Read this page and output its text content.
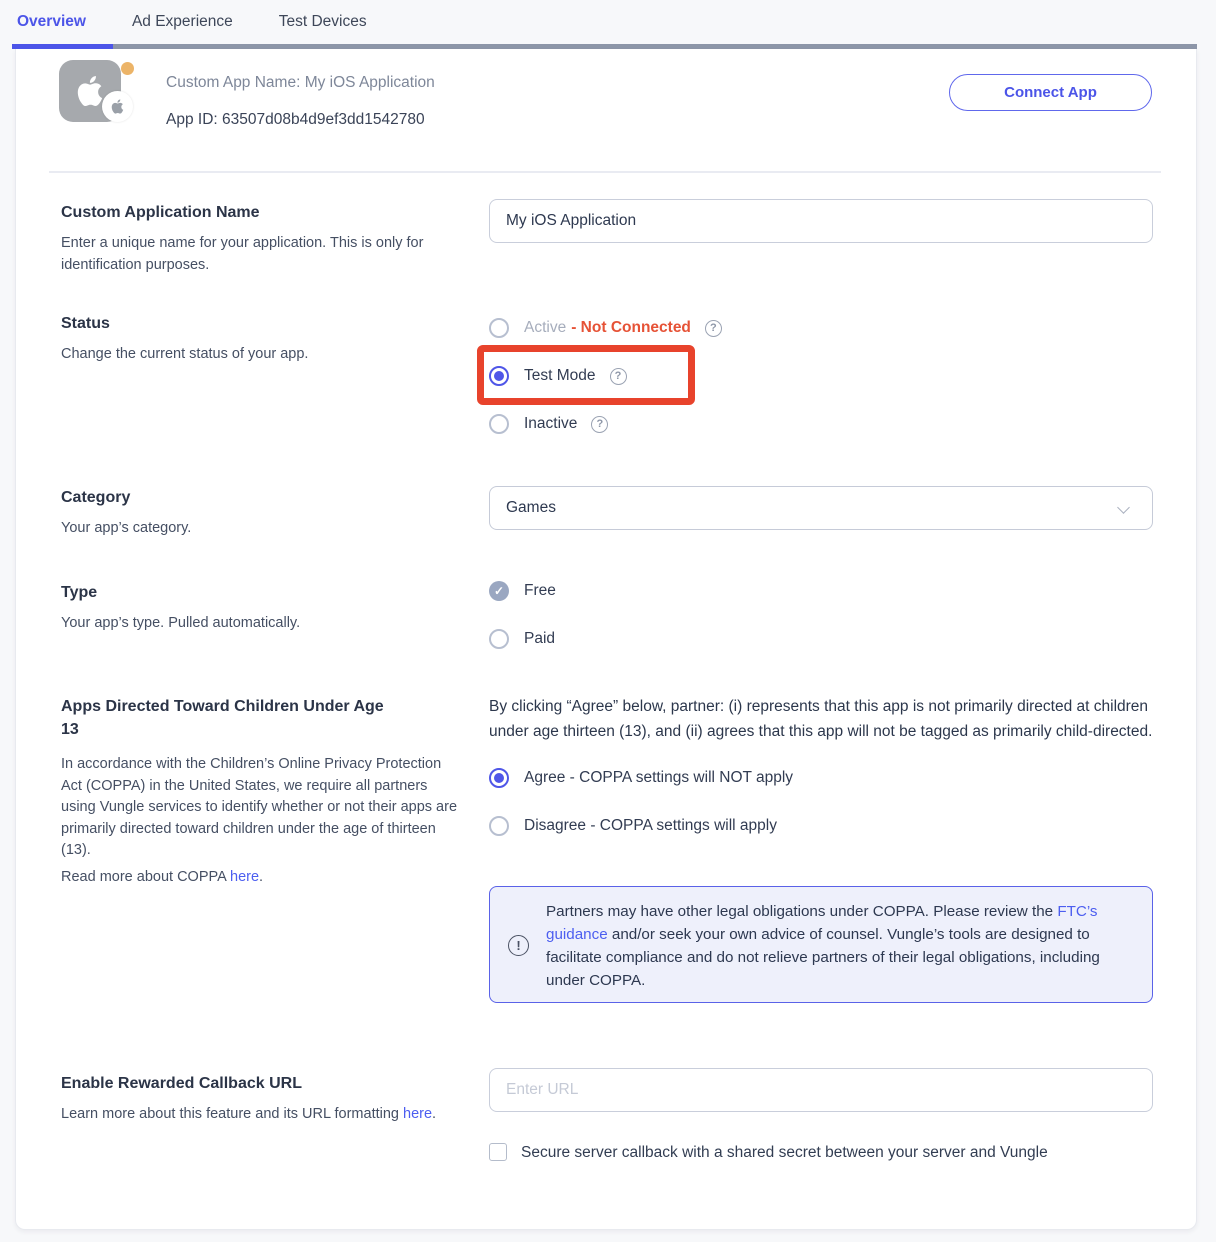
Overview	Ad Experience	Test Devices
Custom App Name: My iOS Application
App ID: 63507d08b4d9ef3dd1542780
Connect App
Custom Application Name

Enter a unique name for your application. This is only for identification purposes.

My iOS Application
Status

Change the current status of your app.

Active - Not Connected
?
Test Mode
?
Inactive
?
Category

Your app’s category.

Games
Type

Your app’s type. Pulled automatically.

✓
Free
Paid
Apps Directed Toward Children Under Age 13

In accordance with the Children’s Online Privacy Protection Act (COPPA) in the United States, we require all partners using Vungle services to identify whether or not their apps are primarily directed toward children under the age of thirteen (13).

Read more about COPPA here.

By clicking “Agree” below, partner: (i) represents that this app is not primarily directed at children under age thirteen (13), and (ii) agrees that this app will not be tagged as primarily child-directed.

Agree - COPPA settings will NOT apply
Disagree - COPPA settings will apply
!
Partners may have other legal obligations under COPPA. Please review the FTC’s guidance and/or seek your own advice of counsel. Vungle’s tools are designed to facilitate compliance and do not relieve partners of their legal obligations, including under COPPA.
Enable Rewarded Callback URL

Learn more about this feature and its URL formatting here.

Enter URL
Secure server callback with a shared secret between your server and Vungle
